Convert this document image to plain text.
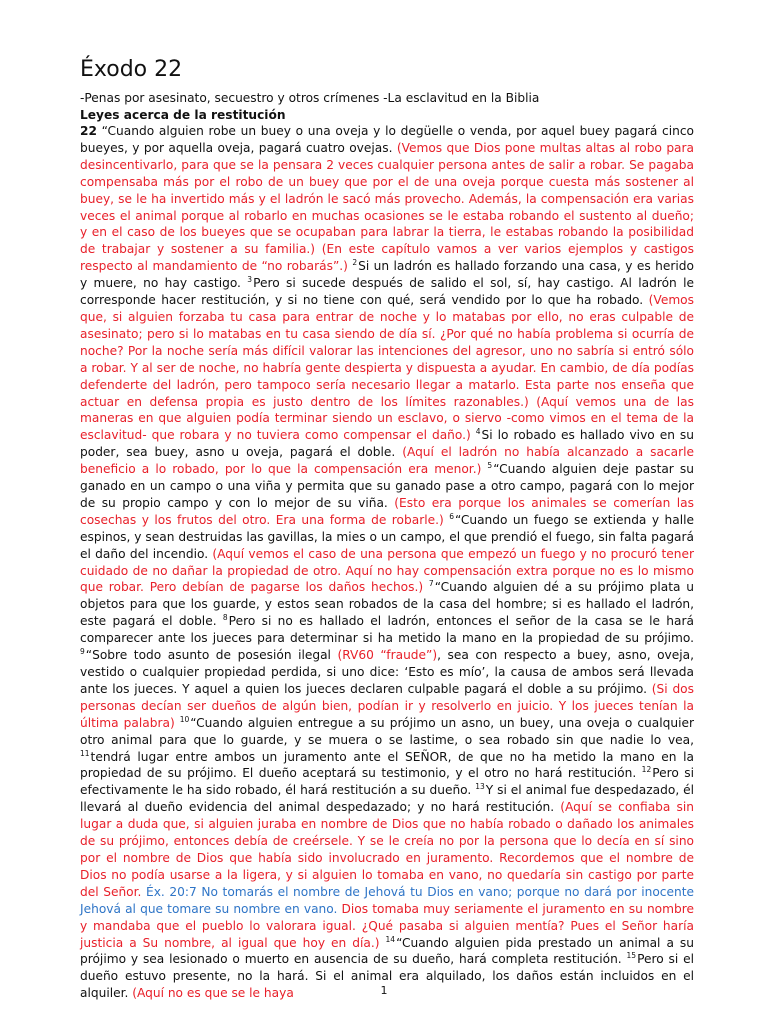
Éxodo 22

-Penas por asesinato, secuestro y otros crímenes -La esclavitud en la Biblia

Leyes acerca de la restitución

22 “Cuando alguien robe un buey o una oveja y lo degüelle o venda, por aquel buey pagará cinco bueyes, y por aquella oveja, pagará cuatro ovejas. (Vemos que Dios pone multas altas al robo para desincentivarlo, para que se la pensara 2 veces cualquier persona antes de salir a robar. Se pagaba compensaba más por el robo de un buey que por el de una oveja porque cuesta más sostener al buey, se le ha invertido más y el ladrón le sacó más provecho. Además, la compensación era varias veces el animal porque al robarlo en muchas ocasiones se le estaba robando el sustento al dueño; y en el caso de los bueyes que se ocupaban para labrar la tierra, le estabas robando la posibilidad de trabajar y sostener a su familia.) (En este capítulo vamos a ver varios ejemplos y castigos respecto al mandamiento de “no robarás”.) $^2$Si un ladrón es hallado forzando una casa, y es herido y muere, no hay castigo. $^3$Pero si sucede después de salido el sol, sí, hay castigo. Al ladrón le corresponde hacer restitución, y si no tiene con qué, será vendido por lo que ha robado. (Vemos que, si alguien forzaba tu casa para entrar de noche y lo matabas por ello, no eras culpable de asesinato; pero si lo matabas en tu casa siendo de día sí. ¿Por qué no había problema si ocurría de noche? Por la noche sería más difícil valorar las intenciones del agresor, uno no sabría si entró sólo a robar. Y al ser de noche, no habría gente despierta y dispuesta a ayudar. En cambio, de día podías defenderte del ladrón, pero tampoco sería necesario llegar a matarlo. Esta parte nos enseña que actuar en defensa propia es justo dentro de los límites razonables.) (Aquí vemos una de las maneras en que alguien podía terminar siendo un esclavo, o siervo -como vimos en el tema de la esclavitud- que robara y no tuviera como compensar el daño.) $^4$Si lo robado es hallado vivo en su poder, sea buey, asno u oveja, pagará el doble. (Aquí el ladrón no había alcanzado a sacarle beneficio a lo robado, por lo que la compensación era menor.) $^5$“Cuando alguien deje pastar su ganado en un campo o una viña y permita que su ganado pase a otro campo, pagará con lo mejor de su propio campo y con lo mejor de su viña. (Esto era porque los animales se comerían las cosechas y los frutos del otro. Era una forma de robarle.) $^6$“Cuando un fuego se extienda y halle espinos, y sean destruidas las gavillas, la mies o un campo, el que prendió el fuego, sin falta pagará el daño del incendio. (Aquí vemos el caso de una persona que empezó un fuego y no procuró tener cuidado de no dañar la propiedad de otro. Aquí no hay compensación extra porque no es lo mismo que robar. Pero debían de pagarse los daños hechos.) $^7$“Cuando alguien dé a su prójimo plata u objetos para que los guarde, y estos sean robados de la casa del hombre; si es hallado el ladrón, este pagará el doble. $^8$Pero si no es hallado el ladrón, entonces el señor de la casa se le hará comparecer ante los jueces para determinar si ha metido la mano en la propiedad de su prójimo. $^9$“Sobre todo asunto de posesión ilegal (RV60 “fraude”), sea con respecto a buey, asno, oveja, vestido o cualquier propiedad perdida, si uno dice: ‘Esto es mío’, la causa de ambos será llevada ante los jueces. Y aquel a quien los jueces declaren culpable pagará el doble a su prójimo. (Si dos personas decían ser dueños de algún bien, podían ir y resolverlo en juicio. Y los jueces tenían la última palabra) $^{10}$“Cuando alguien entregue a su prójimo un asno, un buey, una oveja o cualquier otro animal para que lo guarde, y se muera o se lastime, o sea robado sin que nadie lo vea, $^{11}$tendrá lugar entre ambos un juramento ante el SEÑOR, de que no ha metido la mano en la propiedad de su prójimo. El dueño aceptará su testimonio, y el otro no hará restitución. $^{12}$Pero si efectivamente le ha sido robado, él hará restitución a su dueño. $^{13}$Y si el animal fue despedazado, él llevará al dueño evidencia del animal despedazado; y no hará restitución. (Aquí se confiaba sin lugar a duda que, si alguien juraba en nombre de Dios que no había robado o dañado los animales de su prójimo, entonces debía de creérsele. Y se le creía no por la persona que lo decía en sí sino por el nombre de Dios que había sido involucrado en juramento. Recordemos que el nombre de Dios no podía usarse a la ligera, y si alguien lo tomaba en vano, no quedaría sin castigo por parte del Señor. Éx. 20:7 No tomarás el nombre de Jehová tu Dios en vano; porque no dará por inocente Jehová al que tomare su nombre en vano. Dios tomaba muy seriamente el juramento en su nombre y mandaba que el pueblo lo valorara igual. ¿Qué pasaba si alguien mentía? Pues el Señor haría justicia a Su nombre, al igual que hoy en día.) $^{14}$“Cuando alguien pida prestado un animal a su prójimo y sea lesionado o muerto en ausencia de su dueño, hará completa restitución. $^{15}$Pero si el dueño estuvo presente, no la hará. Si el animal era alquilado, los daños están incluidos en el alquiler. (Aquí no es que se le haya	1
